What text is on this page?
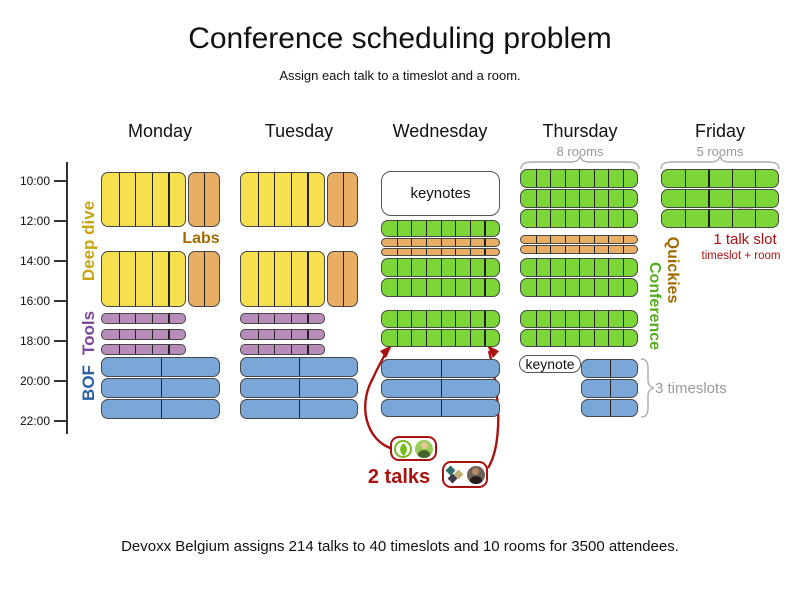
Conference scheduling problem
Assign each talk to a timeslot and a room.
keynotes
keynote
1 talk slot
timeslot + room
2 talks
3 timeslots
Devoxx Belgium assigns 214 talks to 40 timeslots and 10 rooms for 3500 attendees.
Monday	Tuesday	Wednesday	Thursday
8 rooms
Friday
5 rooms
10:00
12:00
14:00
16:00
18:00
20:00
22:00
Deep dive	Labs
Tools
BOF
Conference Quickies
